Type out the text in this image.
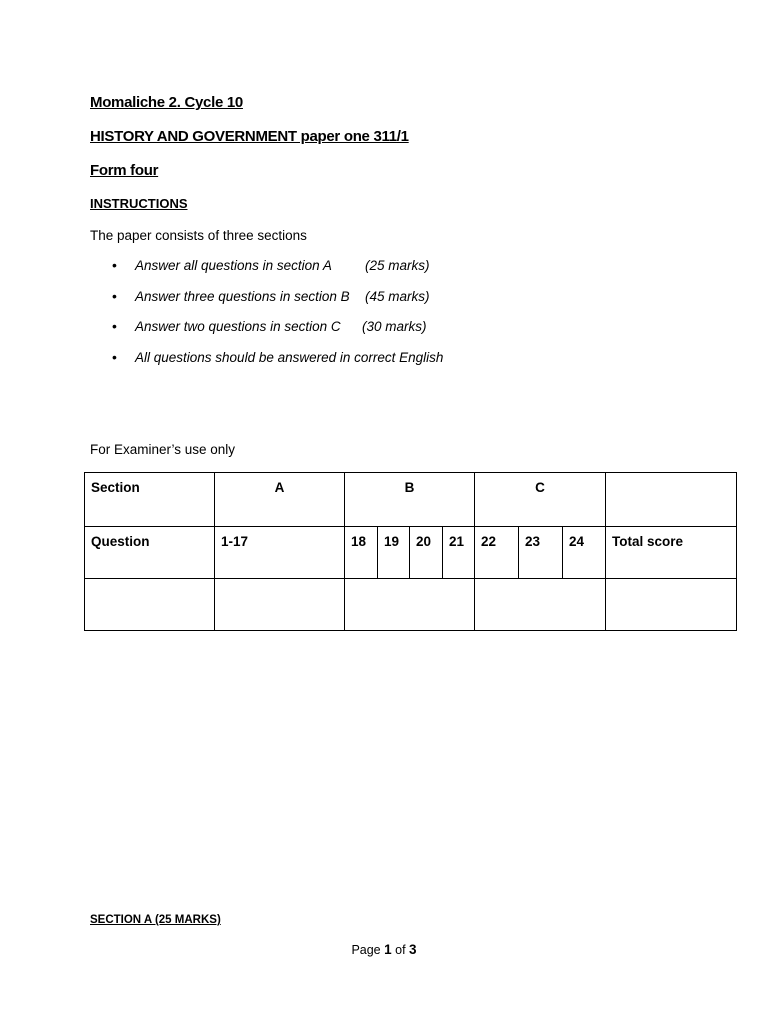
Momaliche 2. Cycle 10
HISTORY AND GOVERNMENT paper one 311/1
Form four
INSTRUCTIONS
The paper consists of three sections
• Answer all questions in section A (25 marks)
• Answer three questions in section B (45 marks)
• Answer two questions in section C (30 marks)
• All questions should be answered in correct English
For Examiner’s use only
Section	A	B				C			
Question	1-17	18	19	20	21	22	23	24	Total score

SECTION A (25 MARKS)
Page 1 of 3
